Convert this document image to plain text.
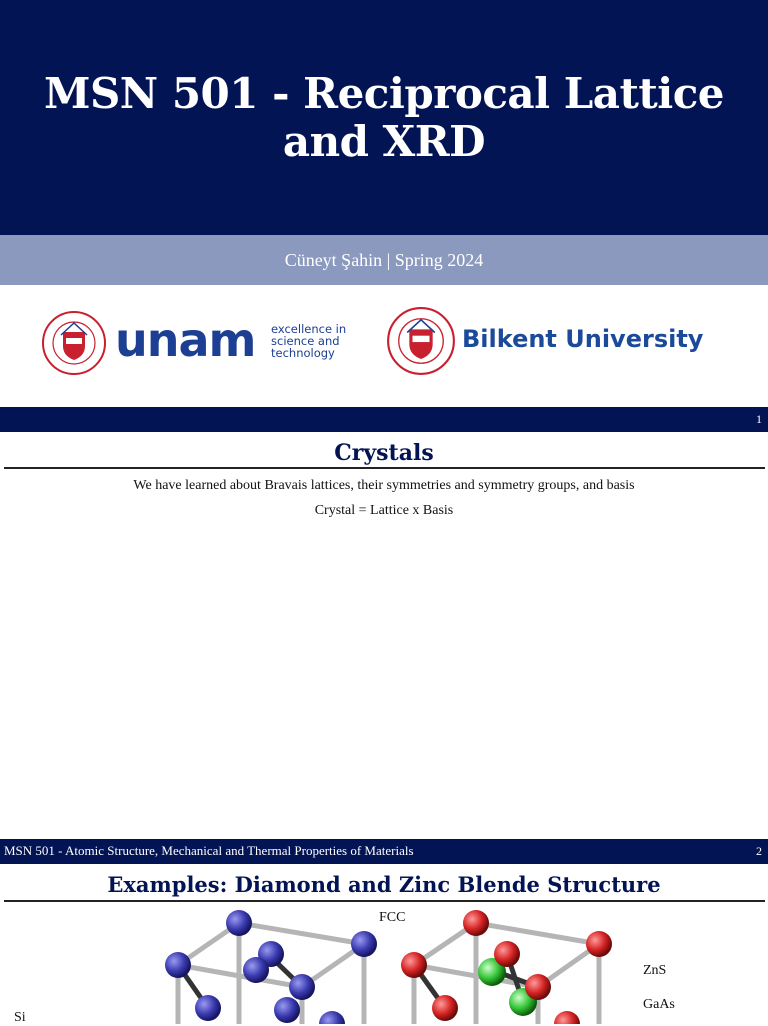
MSN 501 - Reciprocal Lattice
and XRD
Cüneyt Şahin | Spring 2024
unam excellence in
science and
technology	Bilkent University
1
Crystals
We have learned about Bravais lattices, their symmetries and symmetry groups, and basis
Crystal = Lattice x Basis
MSN 501 - Atomic Structure, Mechanical and Thermal Properties of Materials	2
Examples: Diamond and Zinc Blende Structure
FCC
Si
ZnS
GaAs
